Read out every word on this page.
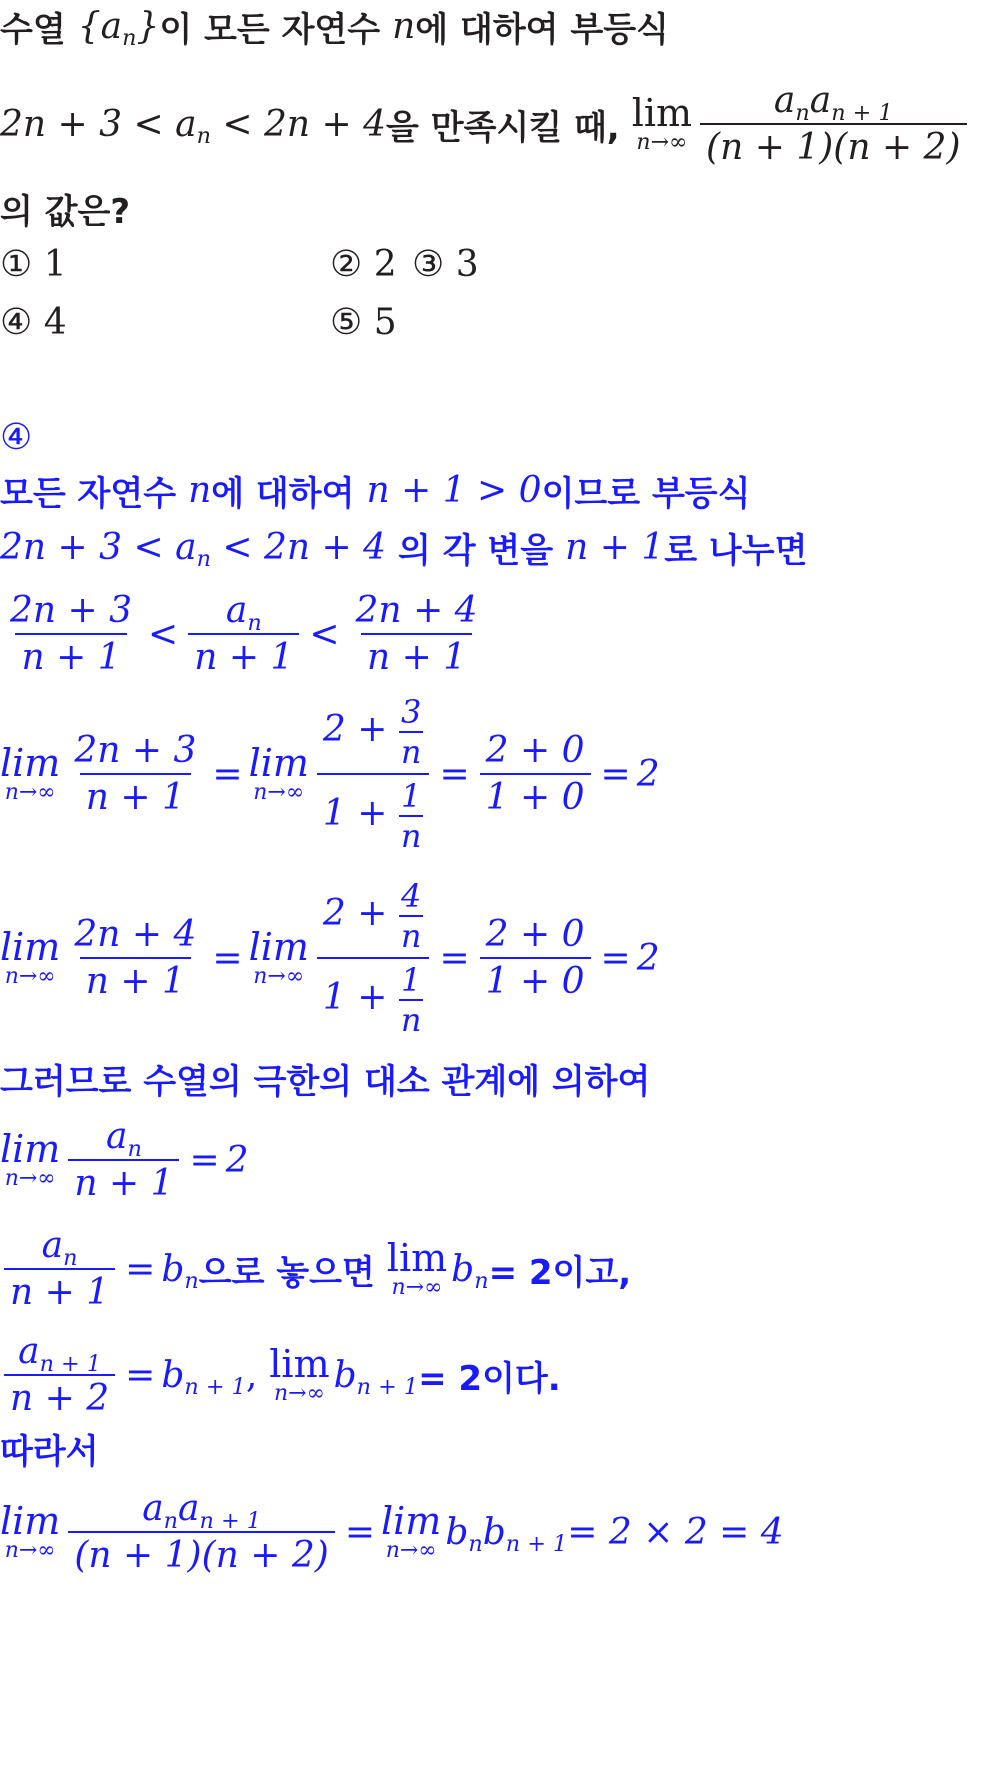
수열 $\{a_n\}$ 이 모든 자연수 n 에 대하여 부등식
$2n + 3 < a_n < 2n + 4$ 을 만족시킬 때, lim
$n\to\infty \frac{a_na_{n + 1}}{(n + 1)(n + 2)}$
의 값은?
① 1	② 2 ③ 3
④ 4	⑤ 5
④
모든 자연수 n 에 대하여 n + 1 > 0 이므로 부등식
$2n + 3 < a_n < 2n + 4$ 의 각 변을 n + 1 로 나누면
$\frac{2n + 3}{n + 1} < \frac{a_n}{n + 1} < \frac{2n + 4}{n + 1}$
lim
$n\to\infty \frac{2n + 3}{n + 1} = \lim$
$n\to\infty \frac{2 + \frac{3}{n}}{1 + \frac{1}{n}} = \frac{2 + 0}{1 + 0} = 2$
lim
$n\to\infty \frac{2n + 4}{n + 1} = \lim$
$n\to\infty \frac{2 + \frac{4}{n}}{1 + \frac{1}{n}} = \frac{2 + 0}{1 + 0} = 2$
그러므로 수열의 극한의 대소 관계에 의하여
lim
$n\to\infty \frac{a_n}{n + 1} = 2$
$\frac{a_n}{n + 1} = b_n$ 으로 놓으면 lim
n→∞ $b_n = 2$이고,
$\frac{a_{n + 1}}{n + 2} = b_{n + 1}$ , lim
n→∞ $b_{n + 1} = 2$이다.
따라서
lim
$n\to\infty \frac{a_na_{n + 1}}{(n + 1)(n + 2)} = \lim$
n→∞ $b_nb_{n + 1} = 2 \times 2 = 4$
